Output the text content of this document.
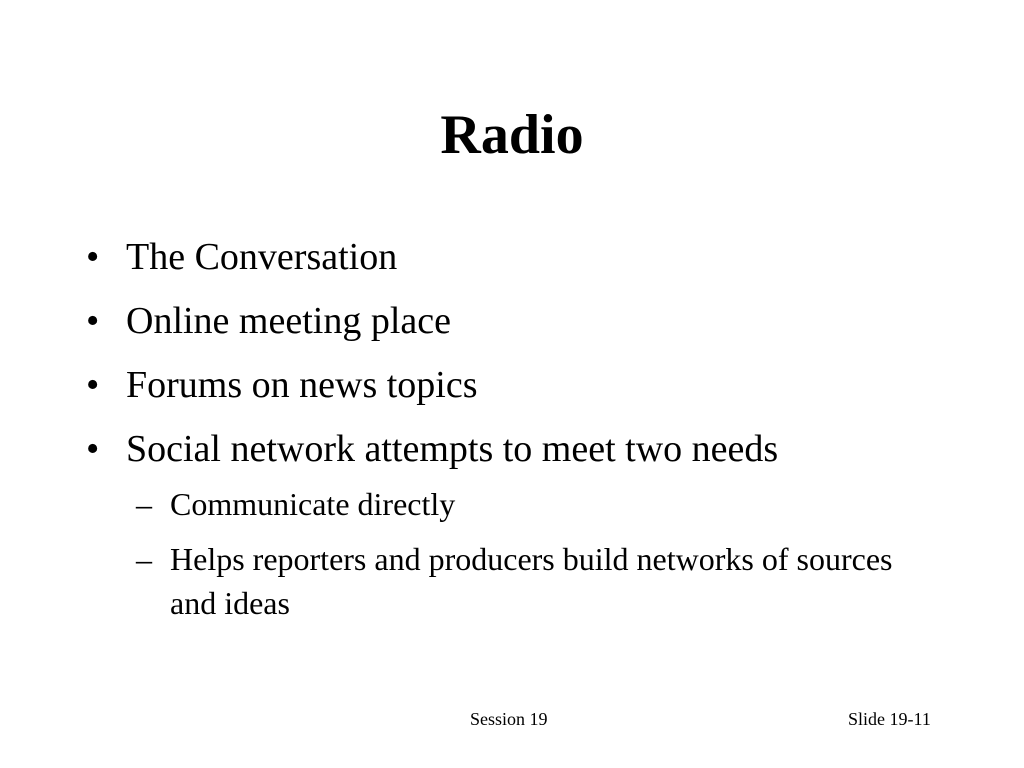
Radio
• The Conversation
• Online meeting place
• Forums on news topics
• Social network attempts to meet two needs
– Communicate directly
– Helps reporters and producers build networks of sources and ideas
Session 19	Slide 19-11
